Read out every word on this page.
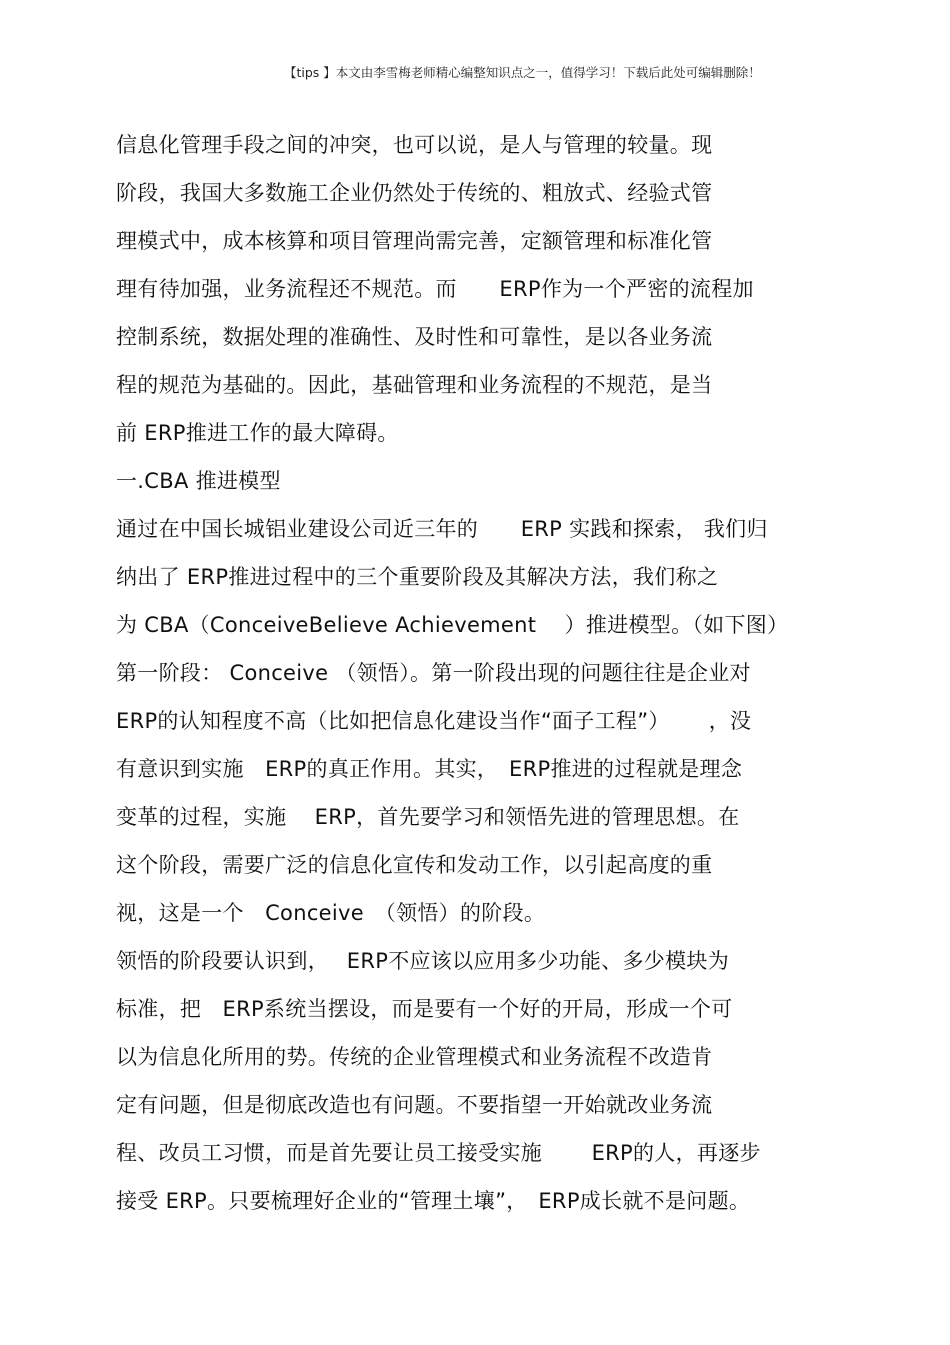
【tips 】本文由李雪梅老师精心编整知识点之一，值得学习！下载后此处可编辑删除！
信息化管理手段之间的冲突，也可以说，是人与管理的较量。现
阶段，我国大多数施工企业仍然处于传统的、粗放式、经验式管
理模式中，成本核算和项目管理尚需完善，定额管理和标准化管
理有待加强，业务流程还不规范。而　　ERP作为一个严密的流程加
控制系统，数据处理的准确性、及时性和可靠性，是以各业务流
程的规范为基础的。因此，基础管理和业务流程的不规范，是当
前 ERP推进工作的最大障碍。
一.CBA 推进模型
通过在中国长城铝业建设公司近三年的　　ERP 实践和探索， 我们归
纳出了 ERP推进过程中的三个重要阶段及其解决方法，我们称之
为 CBA（ConceiveBelieve Achievement　 ）推进模型。（如下图）
第一阶段： Conceive （领悟）。第一阶段出现的问题往往是企业对
ERP的认知程度不高（比如把信息化建设当作“面子工程”）　　 ，没
有意识到实施　ERP的真正作用。其实，　ERP推进的过程就是理念
变革的过程，实施　 ERP，首先要学习和领悟先进的管理思想。在
这个阶段，需要广泛的信息化宣传和发动工作，以引起高度的重
视，这是一个　Conceive　（领悟）的阶段。
领悟的阶段要认识到，　 ERP不应该以应用多少功能、多少模块为
标准，把　ERP系统当摆设，而是要有一个好的开局，形成一个可
以为信息化所用的势。传统的企业管理模式和业务流程不改造肯
定有问题，但是彻底改造也有问题。不要指望一开始就改业务流
程、改员工习惯，而是首先要让员工接受实施　　 ERP的人，再逐步
接受 ERP。只要梳理好企业的“管理土壤”，　ERP成长就不是问题。
